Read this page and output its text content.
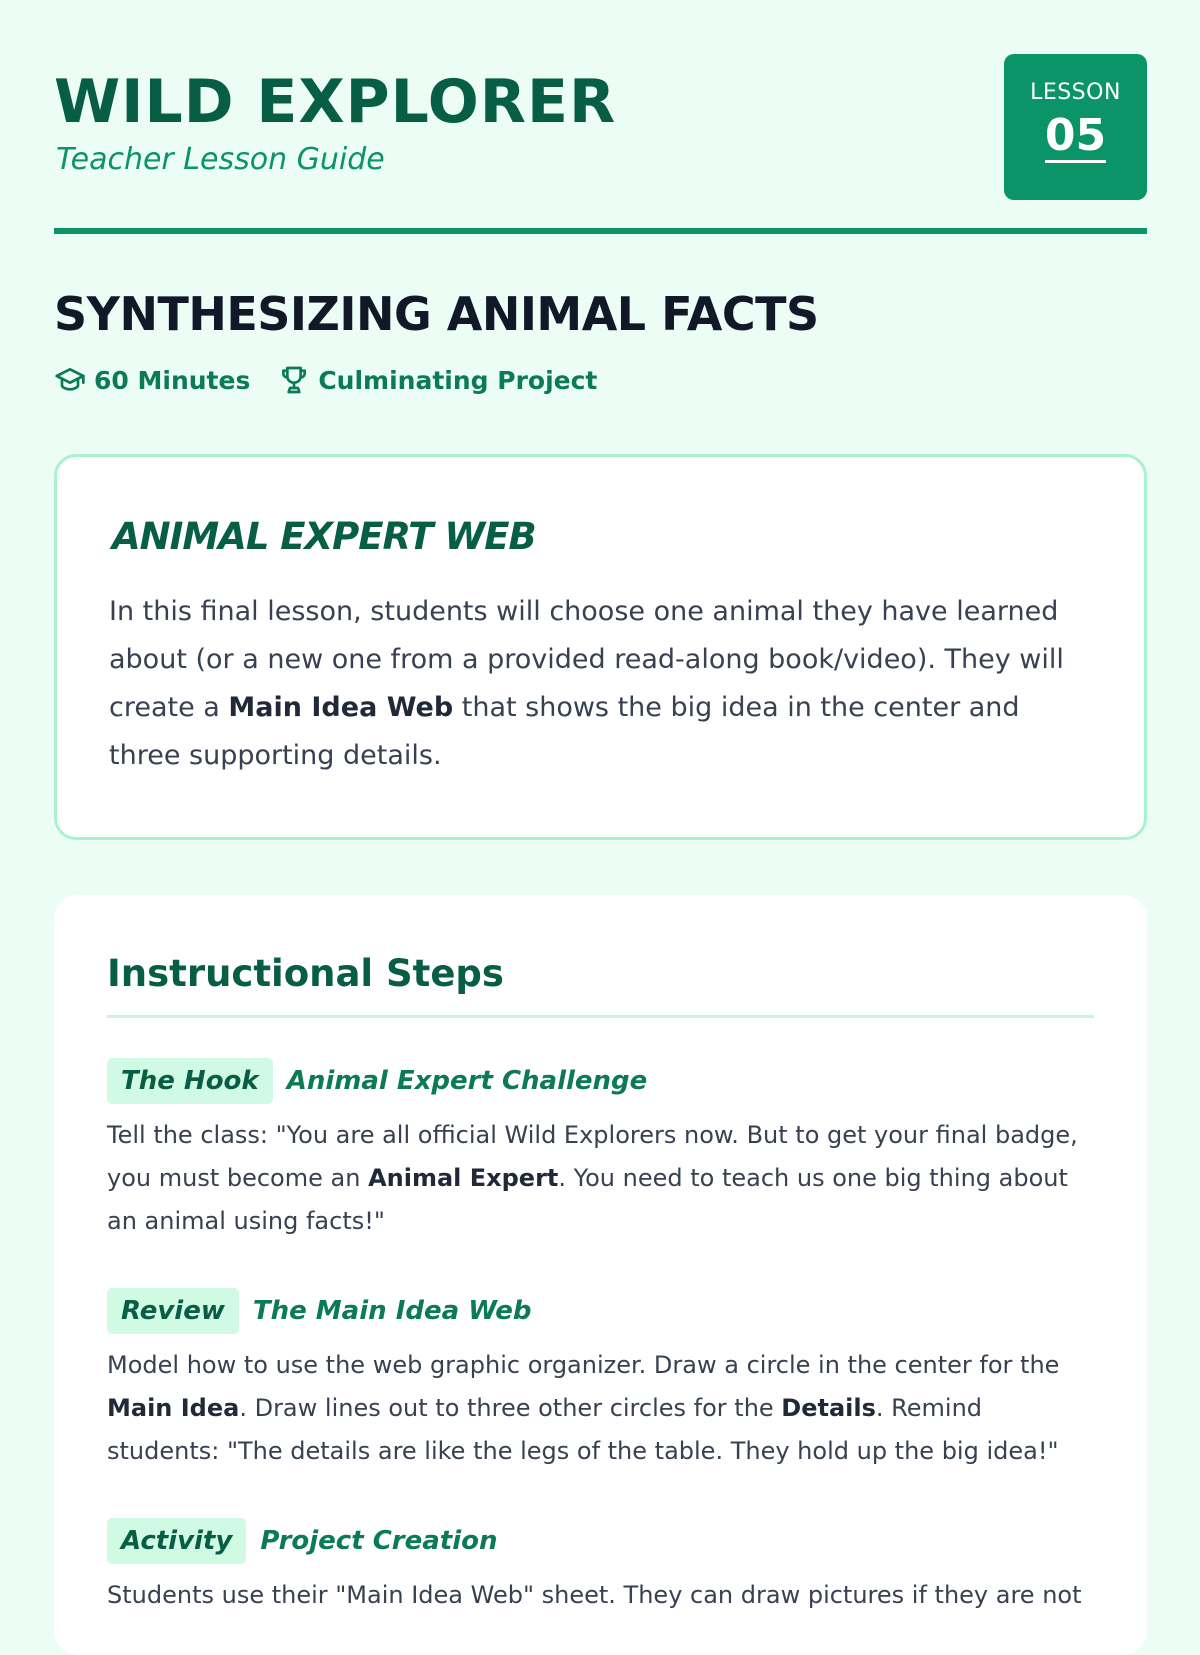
WILD EXPLORER

Teacher Lesson Guide

LESSON
05
SYNTHESIZING ANIMAL FACTS
60 Minutes	Culminating Project
ANIMAL EXPERT WEB

In this final lesson, students will choose one animal they have learned about (or a new one from a provided read-along book/video). They will create a Main Idea Web that shows the big idea in the center and three supporting details.

Instructional Steps
The Hook	Animal Expert Challenge

Tell the class: "You are all official Wild Explorers now. But to get your final badge, you must become an Animal Expert. You need to teach us one big thing about an animal using facts!"

Review	The Main Idea Web

Model how to use the web graphic organizer. Draw a circle in the center for the Main Idea. Draw lines out to three other circles for the Details. Remind students: "The details are like the legs of the table. They hold up the big idea!"

Activity	Project Creation

Students use their "Main Idea Web" sheet. They can draw pictures if they are not
